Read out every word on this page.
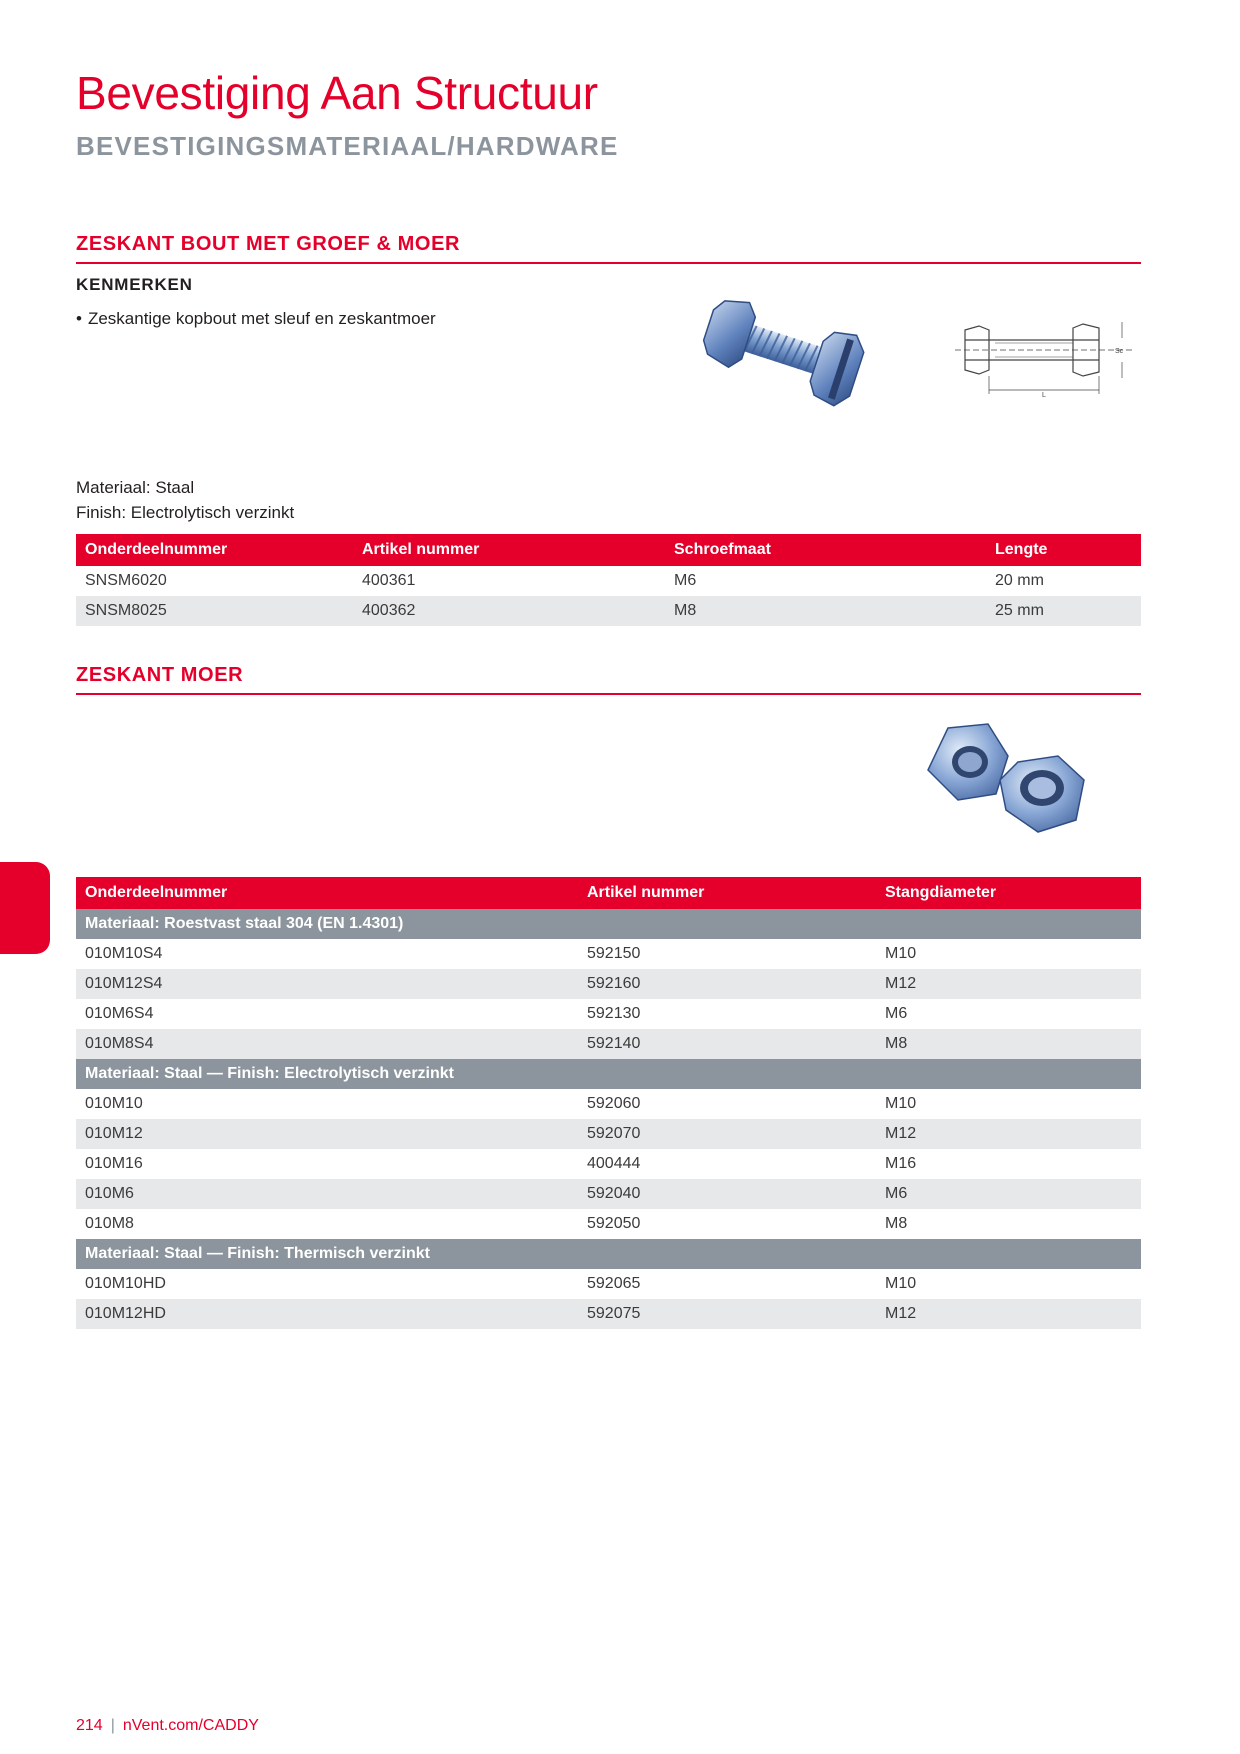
Bevestiging Aan Structuur
BEVESTIGINGSMATERIAAL/HARDWARE
ZESKANT BOUT MET GROEF & MOER
KENMERKEN
• Zeskantige kopbout met sleuf en zeskantmoer
L
Sc
Materiaal: Staal
Finish: Electrolytisch verzinkt
Onderdeelnummer	Artikel nummer	Schroefmaat	Lengte
SNSM6020	400361	M6	20 mm
SNSM8025	400362	M8	25 mm
ZESKANT MOER
Onderdeelnummer	Artikel nummer	Stangdiameter
Materiaal: Roestvast staal 304 (EN 1.4301)		
010M10S4	592150	M10
010M12S4	592160	M12
010M6S4	592130	M6
010M8S4	592140	M8
Materiaal: Staal — Finish: Electrolytisch verzinkt		
010M10	592060	M10
010M12	592070	M12
010M16	400444	M16
010M6	592040	M6
010M8	592050	M8
Materiaal: Staal — Finish: Thermisch verzinkt		
010M10HD	592065	M10
010M12HD	592075	M12
214 | nVent.com/CADDY
